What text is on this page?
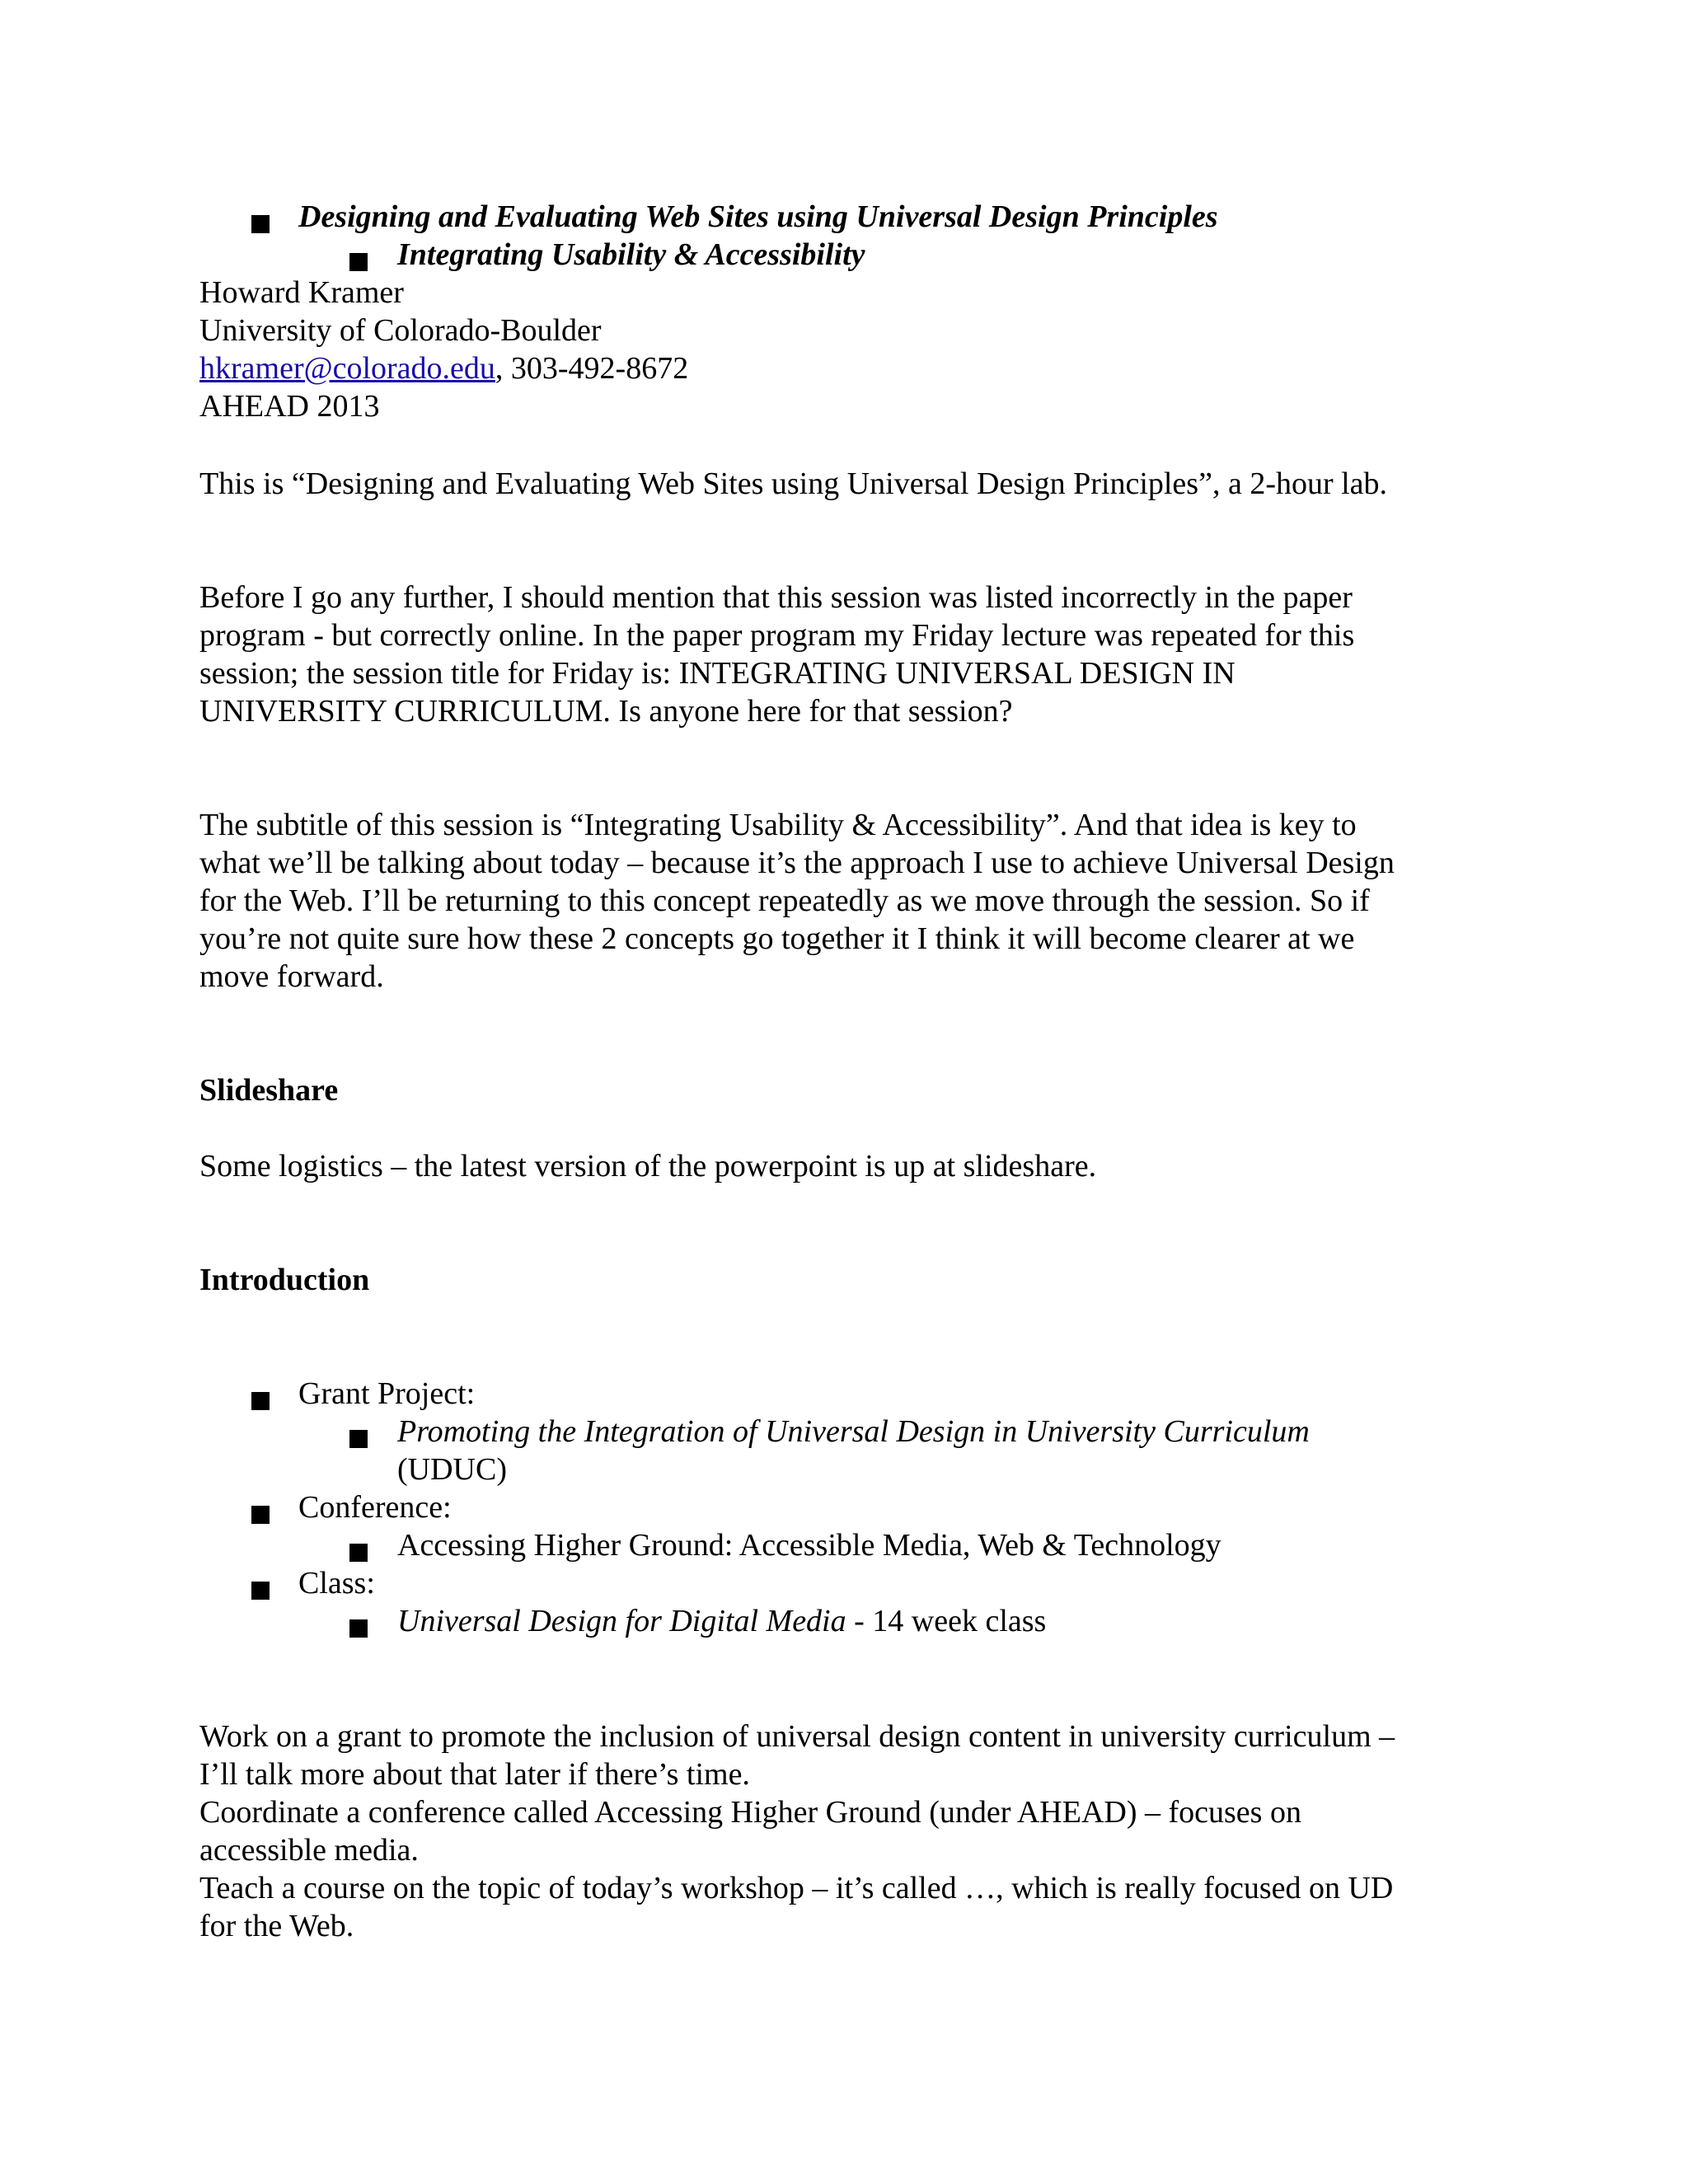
Designing and Evaluating Web Sites using Universal Design Principles
Integrating Usability & Accessibility
Howard Kramer
University of Colorado-Boulder
hkramer@colorado.edu, 303-492-8672
AHEAD 2013
This is “Designing and Evaluating Web Sites using Universal Design Principles”, a 2-hour lab.
Before I go any further, I should mention that this session was listed incorrectly in the paper
program - but correctly online. In the paper program my Friday lecture was repeated for this
session; the session title for Friday is: INTEGRATING UNIVERSAL DESIGN IN
UNIVERSITY CURRICULUM. Is anyone here for that session?
The subtitle of this session is “Integrating Usability & Accessibility”. And that idea is key to
what we’ll be talking about today – because it’s the approach I use to achieve Universal Design
for the Web. I’ll be returning to this concept repeatedly as we move through the session. So if
you’re not quite sure how these 2 concepts go together it I think it will become clearer at we
move forward.
Slideshare
Some logistics – the latest version of the powerpoint is up at slideshare.
Introduction
Grant Project:
Promoting the Integration of Universal Design in University Curriculum
(UDUC)
Conference:
Accessing Higher Ground: Accessible Media, Web & Technology
Class:
Universal Design for Digital Media - 14 week class
Work on a grant to promote the inclusion of universal design content in university curriculum –
I’ll talk more about that later if there’s time.
Coordinate a conference called Accessing Higher Ground (under AHEAD) – focuses on
accessible media.
Teach a course on the topic of today’s workshop – it’s called …, which is really focused on UD
for the Web.
